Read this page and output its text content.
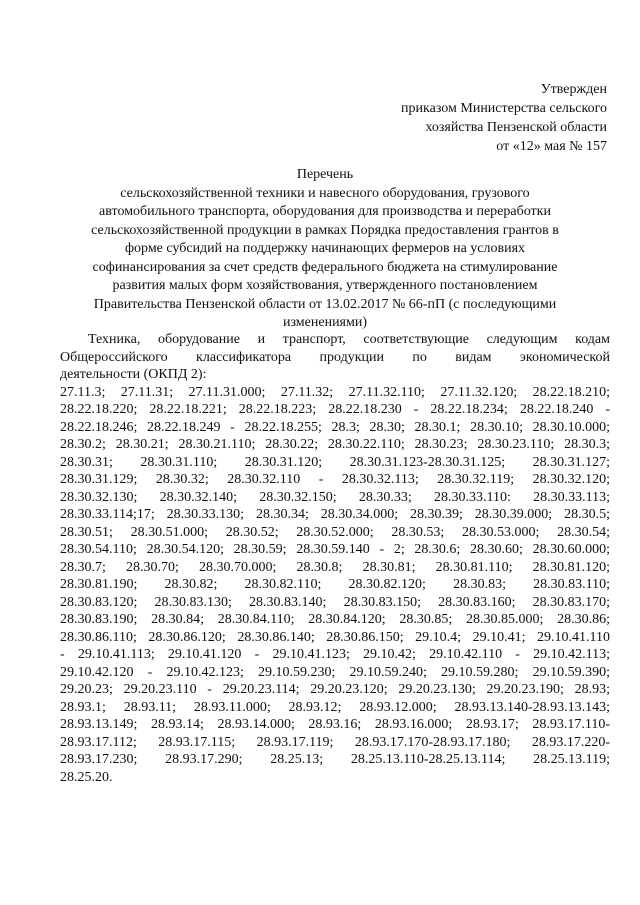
Утвержден
приказом Министерства сельского
хозяйства Пензенской области
от «12» мая № 157
Перечень
сельскохозяйственной техники и навесного оборудования, грузового
автомобильного транспорта, оборудования для производства и переработки
сельскохозяйственной продукции в рамках Порядка предоставления грантов в
форме субсидий на поддержку начинающих фермеров на условиях
софинансирования за счет средств федерального бюджета на стимулирование
развития малых форм хозяйствования, утвержденного постановлением
Правительства Пензенской области от 13.02.2017 № 66-пП (с последующими
изменениями)
Техника, оборудование и транспорт, соответствующие следующим кодам
Общероссийского классификатора продукции по видам экономической
деятельности (ОКПД 2):
27.11.3; 27.11.31; 27.11.31.000; 27.11.32; 27.11.32.110; 27.11.32.120; 28.22.18.210;
28.22.18.220; 28.22.18.221; 28.22.18.223; 28.22.18.230 - 28.22.18.234; 28.22.18.240 -
28.22.18.246; 28.22.18.249 - 28.22.18.255; 28.3; 28.30; 28.30.1; 28.30.10; 28.30.10.000;
28.30.2; 28.30.21; 28.30.21.110; 28.30.22; 28.30.22.110; 28.30.23; 28.30.23.110; 28.30.3;
28.30.31; 28.30.31.110; 28.30.31.120; 28.30.31.123-28.30.31.125; 28.30.31.127;
28.30.31.129; 28.30.32; 28.30.32.110 - 28.30.32.113; 28.30.32.119; 28.30.32.120;
28.30.32.130; 28.30.32.140; 28.30.32.150; 28.30.33; 28.30.33.110: 28.30.33.113;
28.30.33.114;17; 28.30.33.130; 28.30.34; 28.30.34.000; 28.30.39; 28.30.39.000; 28.30.5;
28.30.51; 28.30.51.000; 28.30.52; 28.30.52.000; 28.30.53; 28.30.53.000; 28.30.54;
28.30.54.110; 28.30.54.120; 28.30.59; 28.30.59.140 - 2; 28.30.6; 28.30.60; 28.30.60.000;
28.30.7; 28.30.70; 28.30.70.000; 28.30.8; 28.30.81; 28.30.81.110; 28.30.81.120;
28.30.81.190; 28.30.82; 28.30.82.110; 28.30.82.120; 28.30.83; 28.30.83.110;
28.30.83.120; 28.30.83.130; 28.30.83.140; 28.30.83.150; 28.30.83.160; 28.30.83.170;
28.30.83.190; 28.30.84; 28.30.84.110; 28.30.84.120; 28.30.85; 28.30.85.000; 28.30.86;
28.30.86.110; 28.30.86.120; 28.30.86.140; 28.30.86.150; 29.10.4; 29.10.41; 29.10.41.110
- 29.10.41.113; 29.10.41.120 - 29.10.41.123; 29.10.42; 29.10.42.110 - 29.10.42.113;
29.10.42.120 - 29.10.42.123; 29.10.59.230; 29.10.59.240; 29.10.59.280; 29.10.59.390;
29.20.23; 29.20.23.110 - 29.20.23.114; 29.20.23.120; 29.20.23.130; 29.20.23.190; 28.93;
28.93.1; 28.93.11; 28.93.11.000; 28.93.12; 28.93.12.000; 28.93.13.140-28.93.13.143;
28.93.13.149; 28.93.14; 28.93.14.000; 28.93.16; 28.93.16.000; 28.93.17; 28.93.17.110-
28.93.17.112; 28.93.17.115; 28.93.17.119; 28.93.17.170-28.93.17.180; 28.93.17.220-
28.93.17.230; 28.93.17.290; 28.25.13; 28.25.13.110-28.25.13.114; 28.25.13.119;
28.25.20.
